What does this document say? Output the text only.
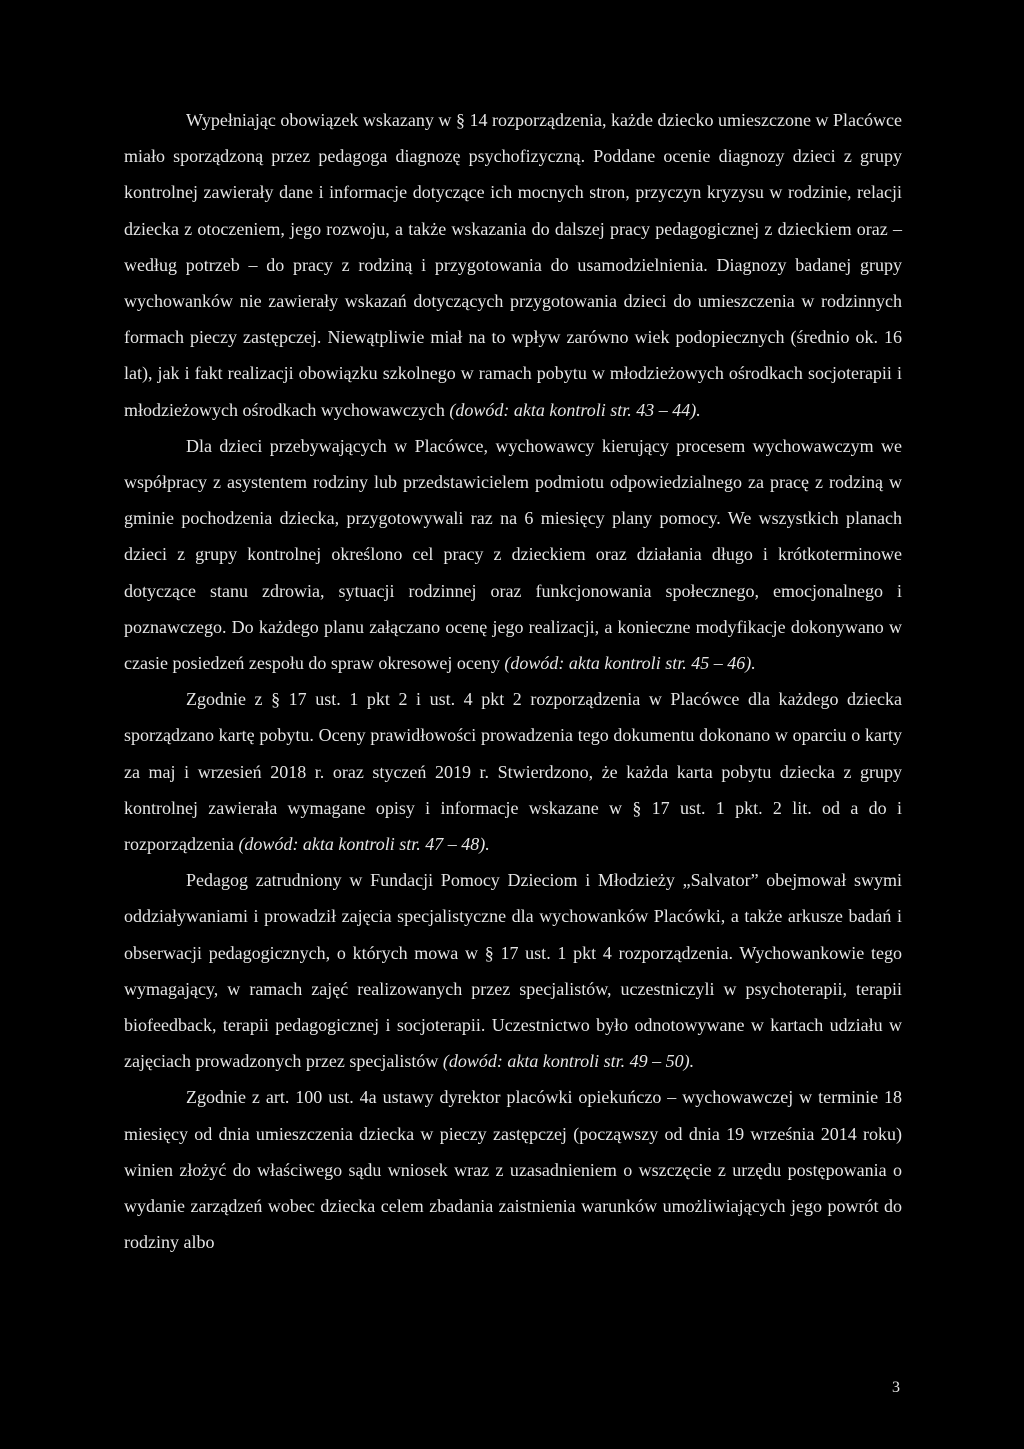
Wypełniając obowiązek wskazany w § 14 rozporządzenia, każde dziecko umieszczone w Placówce miało sporządzoną przez pedagoga diagnozę psychofizyczną. Poddane ocenie diagnozy dzieci z grupy kontrolnej zawierały dane i informacje dotyczące ich mocnych stron, przyczyn kryzysu w rodzinie, relacji dziecka z otoczeniem, jego rozwoju, a także wskazania do dalszej pracy pedagogicznej z dzieckiem oraz – według potrzeb – do pracy z rodziną i przygotowania do usamodzielnienia. Diagnozy badanej grupy wychowanków nie zawierały wskazań dotyczących przygotowania dzieci do umieszczenia w rodzinnych formach pieczy zastępczej. Niewątpliwie miał na to wpływ zarówno wiek podopiecznych (średnio ok. 16 lat), jak i fakt realizacji obowiązku szkolnego w ramach pobytu w młodzieżowych ośrodkach socjoterapii i młodzieżowych ośrodkach wychowawczych (dowód: akta kontroli str. 43 – 44).

Dla dzieci przebywających w Placówce, wychowawcy kierujący procesem wychowawczym we współpracy z asystentem rodziny lub przedstawicielem podmiotu odpowiedzialnego za pracę z rodziną w gminie pochodzenia dziecka, przygotowywali raz na 6 miesięcy plany pomocy. We wszystkich planach dzieci z grupy kontrolnej określono cel pracy z dzieckiem oraz działania długo i krótkoterminowe dotyczące stanu zdrowia, sytuacji rodzinnej oraz funkcjonowania społecznego, emocjonalnego i poznawczego. Do każdego planu załączano ocenę jego realizacji, a konieczne modyfikacje dokonywano w czasie posiedzeń zespołu do spraw okresowej oceny (dowód: akta kontroli str. 45 – 46).

Zgodnie z § 17 ust. 1 pkt 2 i ust. 4 pkt 2 rozporządzenia w Placówce dla każdego dziecka sporządzano kartę pobytu. Oceny prawidłowości prowadzenia tego dokumentu dokonano w oparciu o karty za maj i wrzesień 2018 r. oraz styczeń 2019 r. Stwierdzono, że każda karta pobytu dziecka z grupy kontrolnej zawierała wymagane opisy i informacje wskazane w § 17 ust. 1 pkt. 2 lit. od a do i rozporządzenia (dowód: akta kontroli str. 47 – 48).

Pedagog zatrudniony w Fundacji Pomocy Dzieciom i Młodzieży „Salvator” obejmował swymi oddziaływaniami i prowadził zajęcia specjalistyczne dla wychowanków Placówki, a także arkusze badań i obserwacji pedagogicznych, o których mowa w § 17 ust. 1 pkt 4 rozporządzenia. Wychowankowie tego wymagający, w ramach zajęć realizowanych przez specjalistów, uczestniczyli w psychoterapii, terapii biofeedback, terapii pedagogicznej i socjoterapii. Uczestnictwo było odnotowywane w kartach udziału w zajęciach prowadzonych przez specjalistów (dowód: akta kontroli str. 49 – 50).

Zgodnie z art. 100 ust. 4a ustawy dyrektor placówki opiekuńczo – wychowawczej w terminie 18 miesięcy od dnia umieszczenia dziecka w pieczy zastępczej (począwszy od dnia 19 września 2014 roku) winien złożyć do właściwego sądu wniosek wraz z uzasadnieniem o wszczęcie z urzędu postępowania o wydanie zarządzeń wobec dziecka celem zbadania zaistnienia warunków umożliwiających jego powrót do rodziny albo

3
